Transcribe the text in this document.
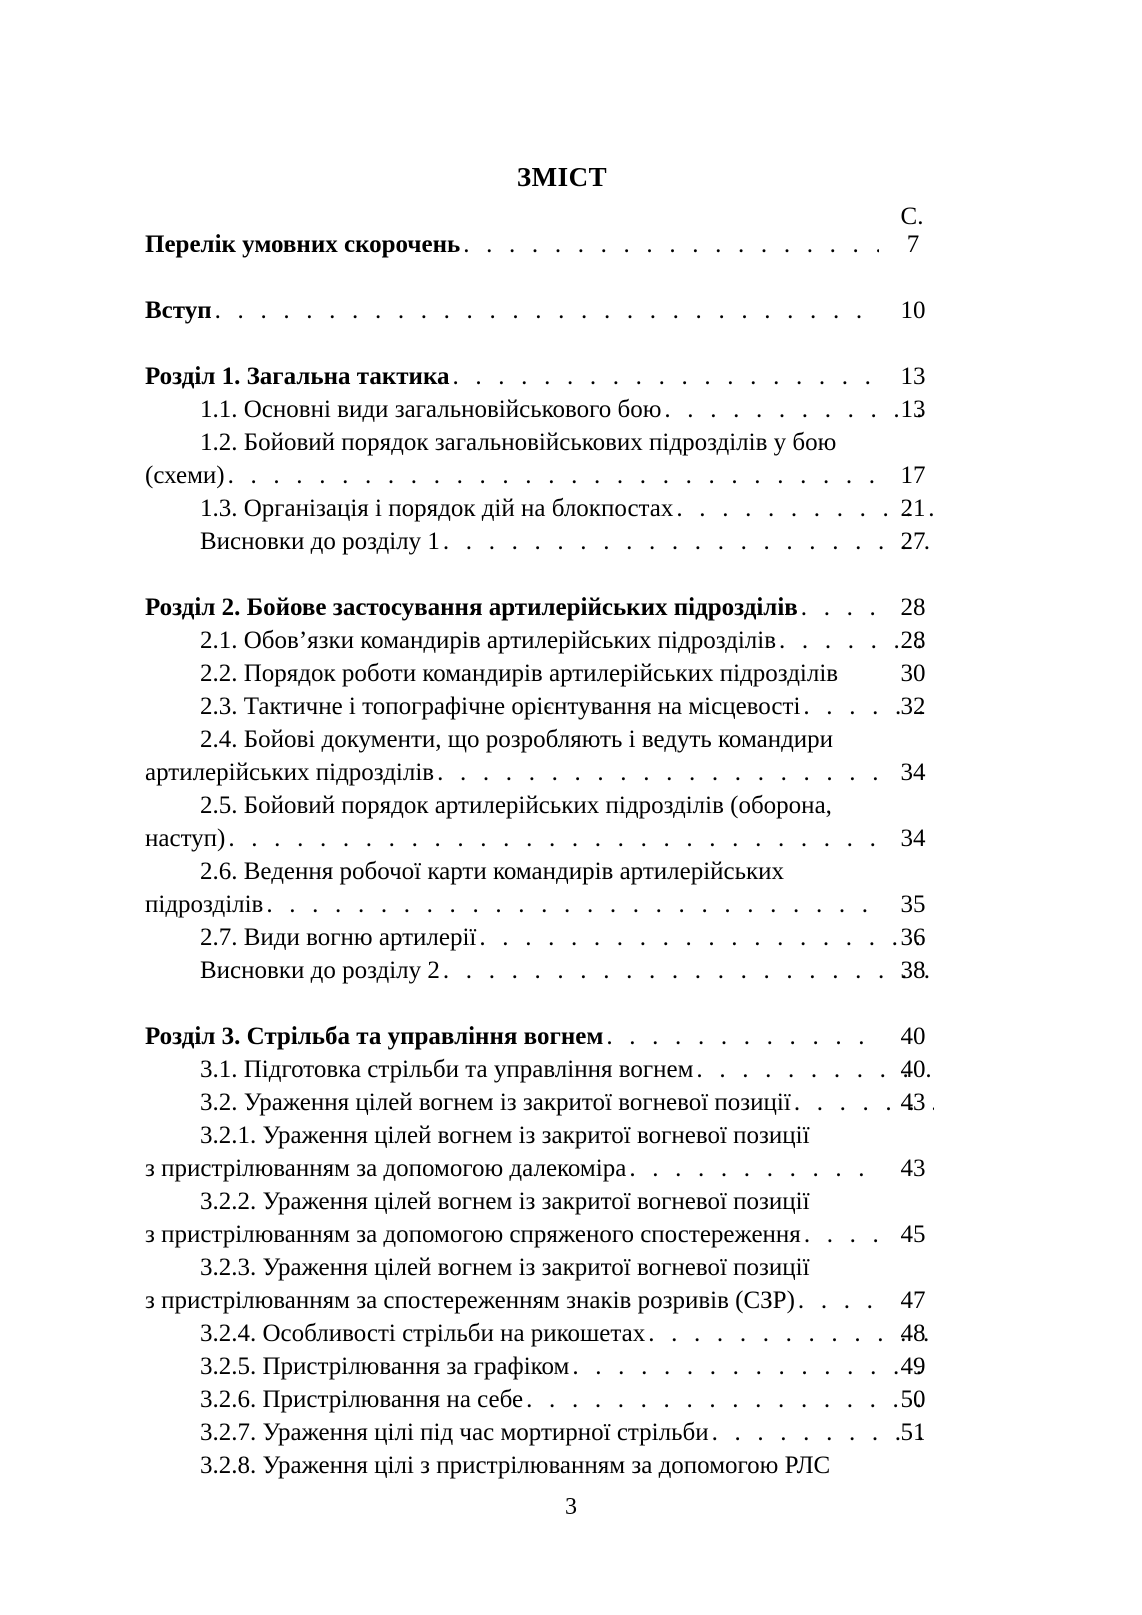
ЗМІСТ
С.
Перелік умовних скорочень . . .	7
Вступ . . .	10
Розділ 1. Загальна тактика . . .	13
1.1. Основні види загальновійськового бою . . .	13
1.2. Бойовий порядок загальновійськових підрозділів у бою
(схеми) . . .	17
1.3. Організація і порядок дій на блокпостах . . .	21
Висновки до розділу 1 . . .	27
Розділ 2. Бойове застосування артилерійських підрозділів . . .	28
2.1. Обов’язки командирів артилерійських підрозділів . . .	28
2.2. Порядок роботи командирів артилерійських підрозділів	30
2.3. Тактичне і топографічне орієнтування на місцевості . . .	32
2.4. Бойові документи, що розробляють і ведуть командири
артилерійських підрозділів . . .	34
2.5. Бойовий порядок артилерійських підрозділів (оборона,
наступ) . . .	34
2.6. Ведення робочої карти командирів артилерійських
підрозділів . . .	35
2.7. Види вогню артилерії . . .	36
Висновки до розділу 2 . . .	38
Розділ 3. Стрільба та управління вогнем . . .	40
3.1. Підготовка стрільби та управління вогнем . . .	40
3.2. Ураження цілей вогнем із закритої вогневої позиції . . .	43
3.2.1. Ураження цілей вогнем із закритої вогневої позиції
з пристрілюванням за допомогою далекоміра . . .	43
3.2.2. Ураження цілей вогнем із закритої вогневої позиції
з пристрілюванням за допомогою спряженого спостереження . . .	45
3.2.3. Ураження цілей вогнем із закритої вогневої позиції
з пристрілюванням за спостереженням знаків розривів (СЗР) . . .	47
3.2.4. Особливості стрільби на рикошетах . . .	48
3.2.5. Пристрілювання за графіком . . .	49
3.2.6. Пристрілювання на себе . . .	50
3.2.7. Ураження цілі під час мортирної стрільби . . .	51
3.2.8. Ураження цілі з пристрілюванням за допомогою РЛС
3
